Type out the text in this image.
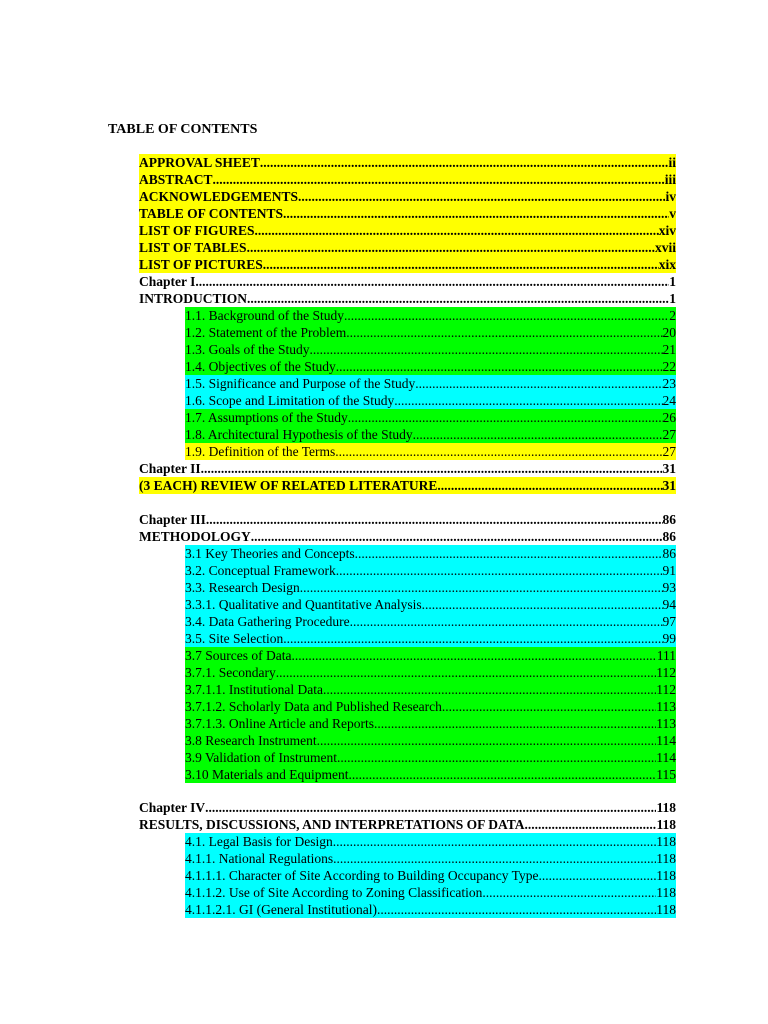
TABLE OF CONTENTS
APPROVAL SHEET .....	ii
ABSTRACT .....	iii
ACKNOWLEDGEMENTS .....	iv
TABLE OF CONTENTS .....	v
LIST OF FIGURES .....	xiv
LIST OF TABLES .....	xvii
LIST OF PICTURES .....	xix
Chapter I .....	1
INTRODUCTION .....	1
1.1. Background of the Study .....	2
1.2. Statement of the Problem .....	20
1.3. Goals of the Study .....	21
1.4. Objectives of the Study .....	22
1.5. Significance and Purpose of the Study .....	23
1.6. Scope and Limitation of the Study .....	24
1.7. Assumptions of the Study .....	26
1.8. Architectural Hypothesis of the Study .....	27
1.9. Definition of the Terms .....	27
Chapter II .....	31
(3 EACH) REVIEW OF RELATED LITERATURE .....	31
Chapter III .....	86
METHODOLOGY .....	86
3.1 Key Theories and Concepts .....	86
3.2. Conceptual Framework .....	91
3.3. Research Design .....	93
3.3.1. Qualitative and Quantitative Analysis .....	94
3.4. Data Gathering Procedure .....	97
3.5. Site Selection .....	99
3.7 Sources of Data .....	111
3.7.1. Secondary .....	112
3.7.1.1. Institutional Data .....	112
3.7.1.2. Scholarly Data and Published Research .....	113
3.7.1.3. Online Article and Reports .....	113
3.8 Research Instrument .....	114
3.9 Validation of Instrument .....	114
3.10 Materials and Equipment .....	115
Chapter IV .....	118
RESULTS, DISCUSSIONS, AND INTERPRETATIONS OF DATA .....	118
4.1. Legal Basis for Design .....	118
4.1.1. National Regulations .....	118
4.1.1.1. Character of Site According to Building Occupancy Type .....	118
4.1.1.2. Use of Site According to Zoning Classification .....	118
4.1.1.2.1. GI (General Institutional) .....	118
